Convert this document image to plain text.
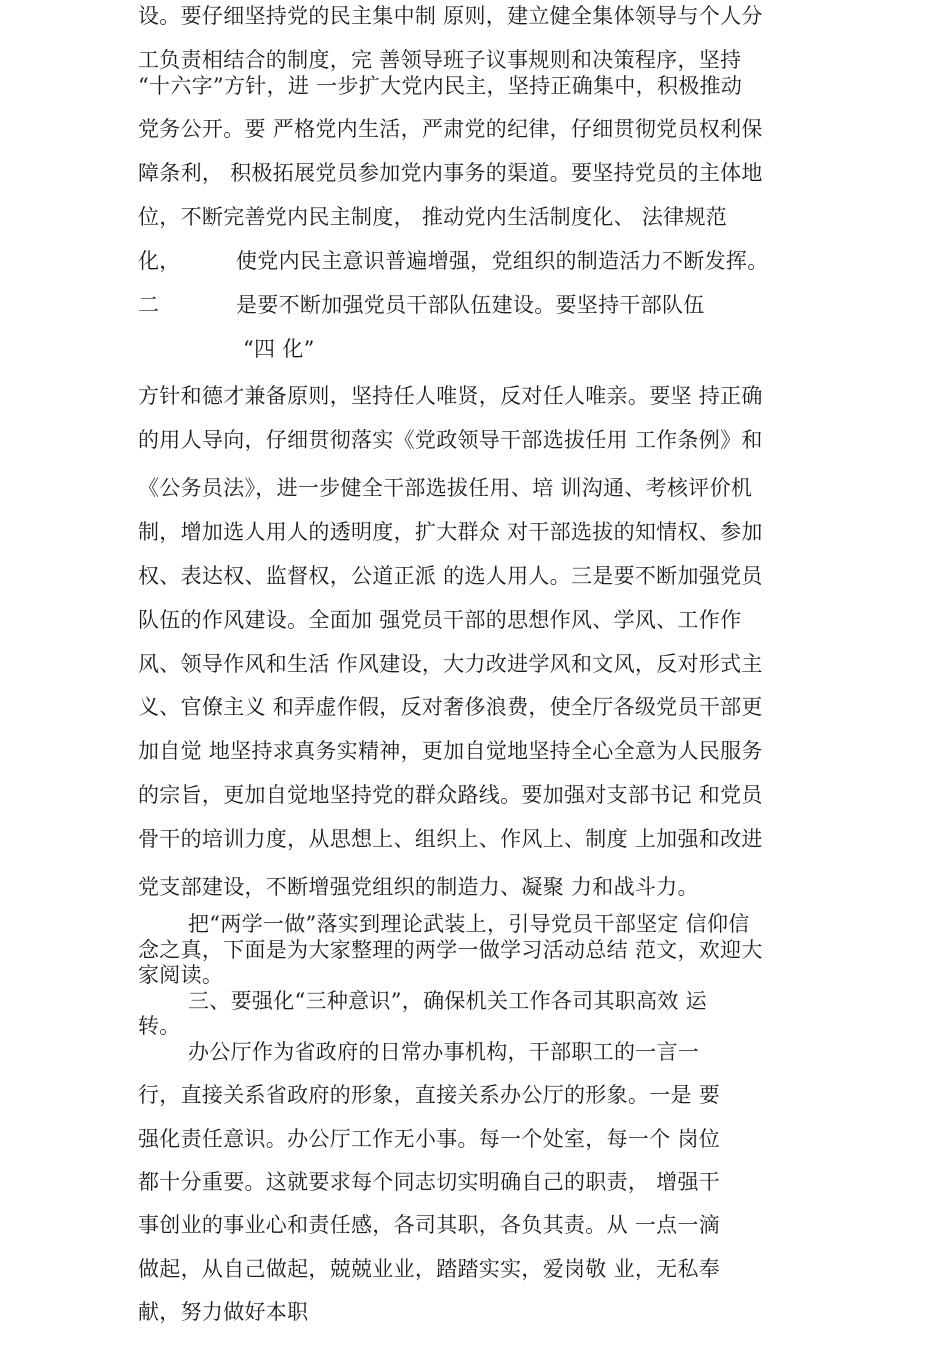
设。要仔细坚持党的民主集中制 原则，建立健全集体领导与个人分
工负责相结合的制度，完 善领导班子议事规则和决策程序，坚持
“十六字”方针，进 一步扩大党内民主，坚持正确集中，积极推动
党务公开。要 严格党内生活，严肃党的纪律，仔细贯彻党员权利保
障条利， 积极拓展党员参加党内事务的渠道。要坚持党员的主体地
位，不断完善党内民主制度， 推动党内生活制度化、 法律规范
化，	使党内民主意识普遍增强，党组织的制造活力不断发挥。
二	是要不断加强党员干部队伍建设。要坚持干部队伍
“四 化”
方针和德才兼备原则，坚持任人唯贤，反对任人唯亲。要坚 持正确
的用人导向，仔细贯彻落实《党政领导干部选拔任用 工作条例》和
《公务员法》，进一步健全干部选拔任用、培 训沟通、考核评价机
制，增加选人用人的透明度，扩大群众 对干部选拔的知情权、参加
权、表达权、监督权，公道正派 的选人用人。三是要不断加强党员
队伍的作风建设。全面加 强党员干部的思想作风、学风、工作作
风、领导作风和生活 作风建设，大力改进学风和文风，反对形式主
义、官僚主义 和弄虚作假，反对奢侈浪费，使全厅各级党员干部更
加自觉 地坚持求真务实精神，更加自觉地坚持全心全意为人民服务
的宗旨，更加自觉地坚持党的群众路线。要加强对支部书记 和党员
骨干的培训力度，从思想上、组织上、作风上、制度 上加强和改进
党支部建设，不断增强党组织的制造力、凝聚 力和战斗力。
把“两学一做”落实到理论武装上，引导党员干部坚定 信仰信
念之真，下面是为大家整理的两学一做学习活动总结 范文，欢迎大
家阅读。
三、要强化“三种意识”，确保机关工作各司其职高效 运
转。
办公厅作为省政府的日常办事机构，干部职工的一言一
行，直接关系省政府的形象，直接关系办公厅的形象。一是 要
强化责任意识。办公厅工作无小事。每一个处室，每一个 岗位
都十分重要。这就要求每个同志切实明确自己的职责， 增强干
事创业的事业心和责任感，各司其职，各负其责。从 一点一滴
做起，从自己做起，兢兢业业，踏踏实实，爱岗敬 业，无私奉
献，努力做好本职
